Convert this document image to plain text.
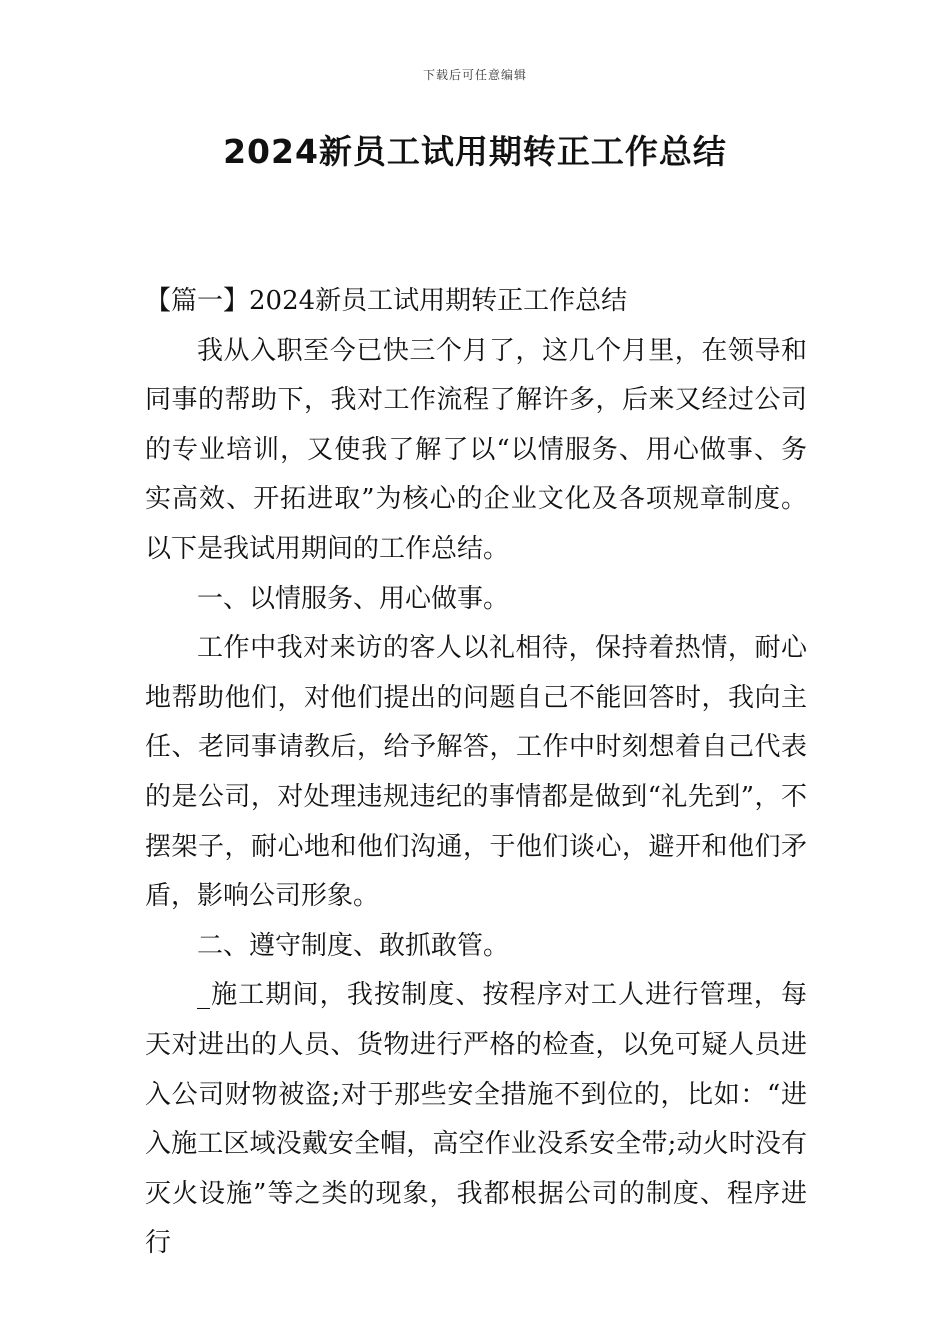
下载后可任意编辑
2024新员工试用期转正工作总结

【篇一】2024新员工试用期转正工作总结

我从入职至今已快三个月了，这几个月里，在领导和同事的帮助下，我对工作流程了解许多，后来又经过公司的专业培训，又使我了解了以“以情服务、用心做事、务实高效、开拓进取”为核心的企业文化及各项规章制度。以下是我试用期间的工作总结。

一、以情服务、用心做事。

工作中我对来访的客人以礼相待，保持着热情，耐心地帮助他们，对他们提出的问题自己不能回答时，我向主任、老同事请教后，给予解答，工作中时刻想着自己代表的是公司，对处理违规违纪的事情都是做到“礼先到”，不摆架子，耐心地和他们沟通，于他们谈心，避开和他们矛盾，影响公司形象。

二、遵守制度、敢抓敢管。

_施工期间，我按制度、按程序对工人进行管理，每天对进出的人员、货物进行严格的检查，以免可疑人员进入公司财物被盗;对于那些安全措施不到位的，比如：“进入施工区域没戴安全帽，高空作业没系安全带;动火时没有灭火设施”等之类的现象，我都根据公司的制度、程序进行
